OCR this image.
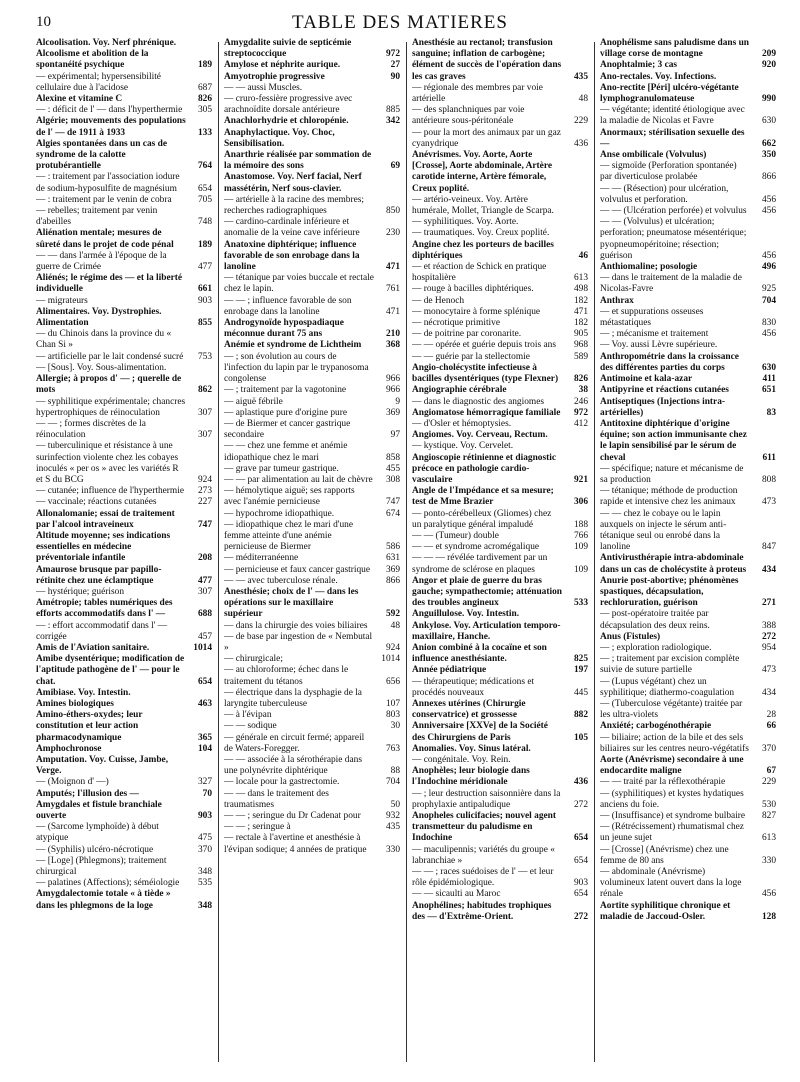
10	TABLE DES MATIERES
Alcoolisation. Voy. Nerf phrénique.
Alcoolisme et abolition de la spontanéité psychique	189
— expérimental; hypersensibilité cellulaire due à l'acidose	687
Alexine et vitamine C	826
— : déficit de l' — dans l'hyperthermie	305
Algérie; mouvements des populations de l' — de 1911 à 1933	133
Algies spontanées dans un cas de syndrome de la calotte protubérantielle	764
— : traitement par l'association iodure de sodium-hyposulfite de magnésium	654
— : traitement par le venin de cobra	705
— rebelles; traitement par venin d'abeilles	748
Aliénation mentale; mesures de sûreté dans le projet de code pénal	189
— — dans l'armée à l'époque de la guerre de Crimée	477
Aliénés; le régime des — et la liberté individuelle	661
— migrateurs	903
Alimentaires. Voy. Dystrophies.
Alimentation	855
— du Chinois dans la province du « Chan Si »
— artificielle par le lait condensé sucré	753
— [Sous]. Voy. Sous-alimentation.
Allergie; à propos d' — ; querelle de mots	862
— syphilitique expérimentale; chancres hypertrophiques de réinoculation	307
— — ; formes discrètes de la réinoculation	307
— tuberculinique et résistance à une surinfection violente chez les cobayes inoculés « per os » avec les variétés R et S du BCG	924
— cutanée; influence de l'hyperthermie	273
— vaccinale; réactions cutanées	227
Allonalomanie; essai de traitement par l'alcool intraveineux	747
Altitude moyenne; ses indications essentielles en médecine préventoriale infantile	208
Amaurose brusque par papillo-rétinite chez une éclamptique	477
— hystérique; guérison	307
Amétropie; tables numériques des efforts accommodatifs dans l' —	688
— : effort accommodatif dans l' — corrigée	457
Amis de l'Aviation sanitaire.	1014
Amibe dysentérique; modification de l'aptitude pathogène de l' — pour le chat.	654
Amibiase. Voy. Intestin.
Amines biologiques	463
Amino-éthers-oxydes; leur constitution et leur action pharmacodynamique	365
Amphochronose	104
Amputation. Voy. Cuisse, Jambe, Verge.
— (Moignon d' —)	327
Amputés; l'illusion des —	70
Amygdales et fistule branchiale ouverte	903
— (Sarcome lymphoïde) à début atypique	475
— (Syphilis) ulcéro-nécrotique	370
— [Loge] (Phlegmons); traitement chirurgical	348
— palatines (Affections); séméiologie	535
Amygdalectomie totale « à tiède » dans les phlegmons de la loge	348
Amygdalite suivie de septicémie streptococcique	972
Amylose et néphrite aurique.	27
Amyotrophie progressive	90
— — aussi Muscles.
— cruro-fessière progressive avec arachnoïdite dorsale antérieure	885
Anachlorhydrie et chloropénie.	342
Anaphylactique. Voy. Choc, Sensibilisation.
Anarthrie réalisée par sommation de la mémoire des sons	69
Anastomose. Voy. Nerf facial, Nerf massétérin, Nerf sous-clavier.
— artérielle à la racine des membres; recherches radiographiques	850
— cardino-cardinale inférieure et anomalie de la veine cave inférieure	230
Anatoxine diphtérique; influence favorable de son enrobage dans la lanoline	471
— tétanique par voies buccale et rectale chez le lapin.	761
— — ; influence favorable de son enrobage dans la lanoline	471
Androgynoïde hypospadiaque méconnue durant 75 ans	210
Anémie et syndrome de Lichtheim	368
— ; son évolution au cours de l'infection du lapin par le trypanosoma congolense	966
— ; traitement par la vagotonine	966
— aiguë fébrile	9
— aplastique pure d'origine pure	369
— de Biermer et cancer gastrique secondaire	97
— — chez une femme et anémie idiopathique chez le mari	858
— grave par tumeur gastrique.	455
— — par alimentation au lait de chèvre	308
— hémolytique aiguë; ses rapports avec l'anémie pernicieuse	747
— hypochrome idiopathique.	674
— idiopathique chez le mari d'une femme atteinte d'une anémie pernicieuse de Biermer	586
— méditerranéenne	631
— pernicieuse et faux cancer gastrique	369
— — avec tuberculose rénale.	866
Anesthésie; choix de l' — dans les opérations sur le maxillaire supérieur	592
— dans la chirurgie des voies biliaires	48
— de base par ingestion de « Nembutal »	924
— chirurgicale;	1014
— au chloroforme; échec dans le traitement du tétanos	656
— électrique dans la dysphagie de la laryngite tuberculeuse	107
— à l'évipan	803
— — sodique	30
— générale en circuit fermé; appareil de Waters-Foregger.	763
— — associée à la sérothérapie dans une polynévrite diphtérique	88
— locale pour la gastrectomie.	704
— — dans le traitement des traumatismes	50
— — ; seringue du Dr Cadenat pour	932
— — ; seringue à	435
— rectale à l'avertine et anesthésie à l'évipan sodique; 4 années de pratique	330
Anesthésie au rectanol; transfusion sanguine; inflation de carbogène; élément de succès de l'opération dans les cas graves	435
— régionale des membres par voie artérielle	48
— des splanchniques par voie antérieure sous-péritonéale	229
— pour la mort des animaux par un gaz cyanydrique	436
Anévrismes. Voy. Aorte, Aorte [Crosse], Aorte abdominale, Artère carotide interne, Artère fémorale, Creux poplité.
— artério-veineux. Voy. Artère humérale, Mollet, Triangle de Scarpa.
— syphilitiques. Voy. Aorte.
— traumatiques. Voy. Creux poplité.
Angine chez les porteurs de bacilles diphtériques	46
— et réaction de Schick en pratique hospitalière	613
— rouge à bacilles diphtériques.	498
— de Henoch	182
— monocytaire à forme splénique	471
— nécrotique primitive	182
— de poitrine par coronarite.	905
— — opérée et guérie depuis trois ans	968
— — guérie par la stellectomie	589
Angio-cholécystite infectieuse à bacilles dysentériques (type Flexner)	826
Angiographie cérébrale	38
— dans le diagnostic des angiomes	246
Angiomatose hémorragique familiale	972
— d'Osler et hémoptysies.	412
Angiomes. Voy. Cerveau, Rectum.
— kystique. Voy. Cervelet.
Angioscopie rétinienne et diagnostic précoce en pathologie cardio-vasculaire	921
Angle de l'Impédance et sa mesure; test de Mme Brazier	306
— ponto-cérébelleux (Gliomes) chez un paralytique général impaludé	188
— — (Tumeur) double	766
— — et syndrome acromégalique	109
— — — révélée tardivement par un syndrome de sclérose en plaques	109
Angor et plaie de guerre du bras gauche; sympathectomie; atténuation des troubles angineux	533
Anguillulose. Voy. Intestin.
Ankylose. Voy. Articulation temporo-maxillaire, Hanche.
Anion combiné à la cocaïne et son influence anesthésiante.	825
Année pédiatrique	197
— thérapeutique; médications et procédés nouveaux	445
Annexes utérines (Chirurgie conservatrice) et grossesse	882
Anniversaire [XXVe] de la Société des Chirurgiens de Paris	105
Anomalies. Voy. Sinus latéral.
— congénitale. Voy. Rein.
Anophèles; leur biologie dans l'Indochine méridionale	436
— ; leur destruction saisonnière dans la prophylaxie antipaludique	272
Anopheles culicifacies; nouvel agent transmetteur du paludisme en Indochine	654
— maculipennis; variétés du groupe « labranchiae »	654
— — ; races suédoises de l' — et leur rôle épidémiologique.	903
— — sicaulti au Maroc	654
Anophélines; habitudes trophiques des — d'Extrême-Orient.	272
Anophélisme sans paludisme dans un village corse de montagne	209
Anophtalmie; 3 cas	920
Ano-rectales. Voy. Infections.
Ano-rectite [Péri] ulcéro-végétante lymphogranulomateuse	990
— végétante; identité étiologique avec la maladie de Nicolas et Favre	630
Anormaux; stérilisation sexuelle des —	662
Anse ombilicale (Volvulus)	350
— sigmoïde (Perforation spontanée) par diverticulose prolabée	866
— — (Résection) pour ulcération, volvulus et perforation.	456
— — (Ulcération perforée) et volvulus	456
— — (Volvulus) et ulcération; perforation; pneumatose mésentérique; pyopneumopéritoine; résection; guérison	456
Anthiomaline; posologie	496
— dans le traitement de la maladie de Nicolas-Favre	925
Anthrax	704
— et suppurations osseuses métastatiques	830
— ; mécanisme et traitement	456
— Voy. aussi Lèvre supérieure.
Anthropométrie dans la croissance des différentes parties du corps	630
Antimoine et kala-azar	411
Antipyrine et réactions cutanées	651
Antiseptiques (Injections intra-artérielles)	83
Antitoxine diphtérique d'origine équine; son action immunisante chez le lapin sensibilisé par le sérum de cheval	611
— spécifique; nature et mécanisme de sa production	808
— tétanique; méthode de production rapide et intensive chez les animaux	473
— — chez le cobaye ou le lapin auxquels on injecte le sérum anti-tétanique seul ou enrobé dans la lanoline	847
Antivirusthérapie intra-abdominale dans un cas de cholécystite à proteus	434
Anurie post-abortive; phénomènes spastiques, décapsulation, rechloruration, guérison	271
— post-opératoire traitée par décapsulation des deux reins.	388
Anus (Fistules)	272
— ; exploration radiologique.	954
— ; traitement par excision complète suivie de suture partielle	473
— (Lupus végétant) chez un syphilitique; diathermo-coagulation	434
— (Tuberculose végétante) traitée par les ultra-violets	28
Anxiété; carbogénothérapie	66
— biliaire; action de la bile et des sels biliaires sur les centres neuro-végétatifs	370
Aorte (Anévrisme) secondaire à une endocardite maligne	67
— — traité par la réflexothérapie	229
— (syphilitiques) et kystes hydatiques anciens du foie.	530
— (Insuffisance) et syndrome bulbaire	827
— (Rétrécissement) rhumatismal chez un jeune sujet	613
— [Crosse] (Anévrisme) chez une femme de 80 ans	330
— abdominale (Anévrisme) volumineux latent ouvert dans la loge rénale	456
Aortite syphilitique chronique et maladie de Jaccoud-Osler.	128
